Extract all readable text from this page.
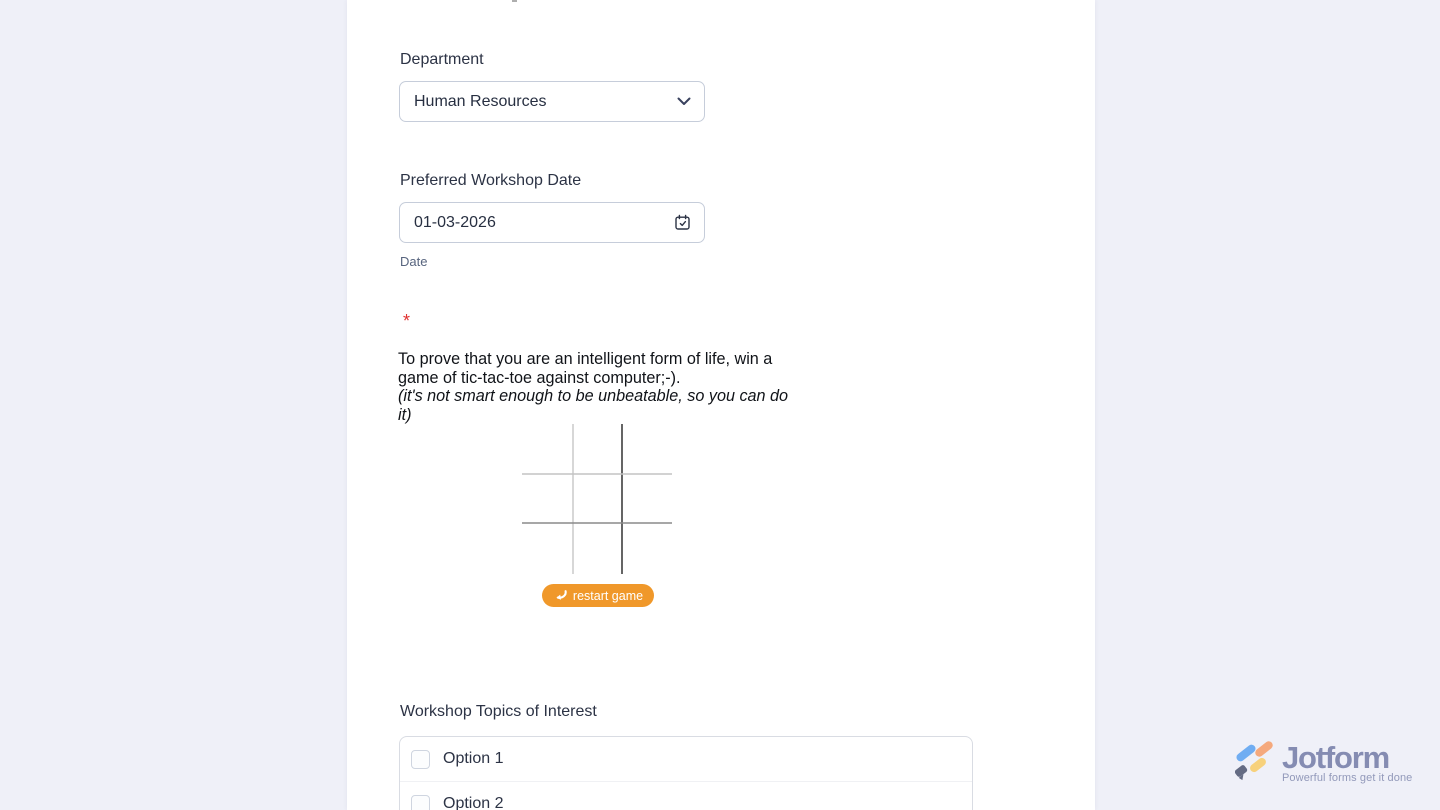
Department
Human Resources
Preferred Workshop Date
01-03-2026
Date
*
To prove that you are an intelligent form of life, win a game of tic-tac-toe against computer;-).
(it's not smart enough to be unbeatable, so you can do it)
restart game
Workshop Topics of Interest
Option 1
Option 2
Jotform
Powerful forms get it done
